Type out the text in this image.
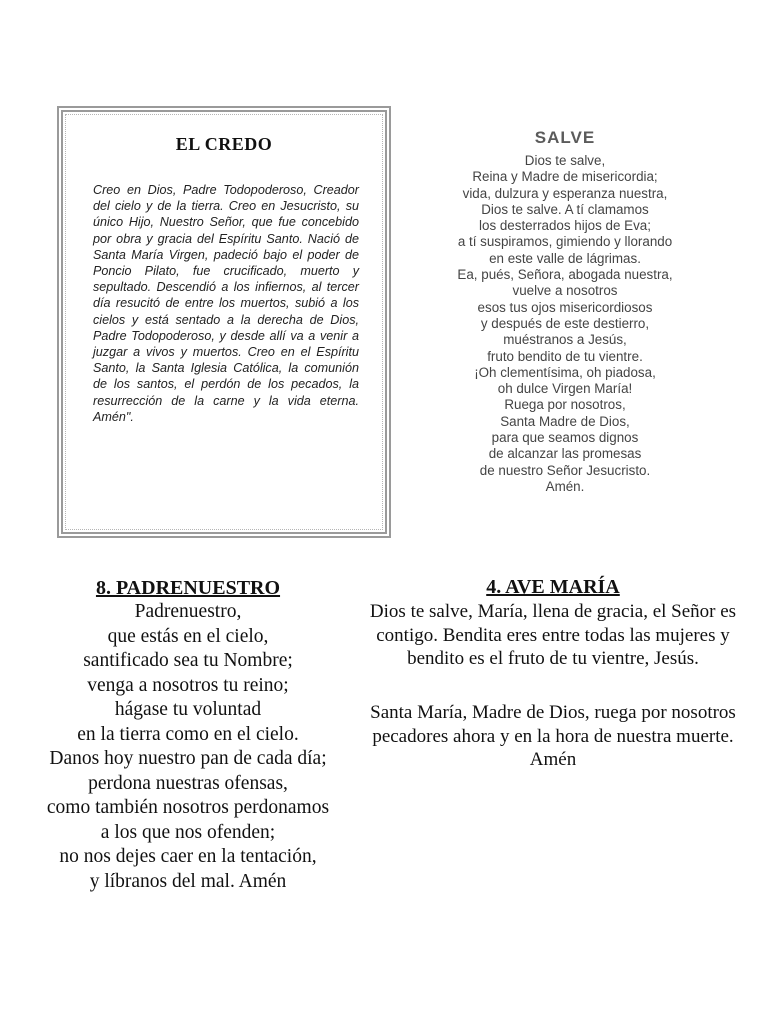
EL CREDO
Creo en Dios, Padre Todopoderoso, Creador del cielo y de la tierra. Creo en Jesucristo, su único Hijo, Nuestro Señor, que fue concebido por obra y gracia del Espíritu Santo. Nació de Santa María Virgen, padeció bajo el poder de Poncio Pilato, fue crucificado, muerto y sepultado. Descendió a los infiernos, al tercer día resucitó de entre los muertos, subió a los cielos y está sentado a la derecha de Dios, Padre Todopoderoso, y desde allí va a venir a juzgar a vivos y muertos. Creo en el Espíritu Santo, la Santa Iglesia Católica, la comunión de los santos, el perdón de los pecados, la resurrección de la carne y la vida eterna. Amén".
SALVE
Dios te salve,
Reina y Madre de misericordia;
vida, dulzura y esperanza nuestra,
Dios te salve. A tí clamamos
los desterrados hijos de Eva;
a tí suspiramos, gimiendo y llorando
en este valle de lágrimas.
Ea, pués, Señora, abogada nuestra,
vuelve a nosotros
esos tus ojos misericordiosos
y después de este destierro,
muéstranos a Jesús,
fruto bendito de tu vientre.
¡Oh clementísima, oh piadosa,
oh dulce Virgen María!
Ruega por nosotros,
Santa Madre de Dios,
para que seamos dignos
de alcanzar las promesas
de nuestro Señor Jesucristo.
Amén.
8. PADRENUESTRO
Padrenuestro,
que estás en el cielo,
santificado sea tu Nombre;
venga a nosotros tu reino;
hágase tu voluntad
en la tierra como en el cielo.
Danos hoy nuestro pan de cada día;
perdona nuestras ofensas,
como también nosotros perdonamos
a los que nos ofenden;
no nos dejes caer en la tentación,
y líbranos del mal. Amén
4. AVE MARÍA
Dios te salve, María, llena de gracia, el Señor es contigo. Bendita eres entre todas las mujeres y bendito es el fruto de tu vientre, Jesús.
Santa María, Madre de Dios, ruega por nosotros pecadores ahora y en la hora de nuestra muerte. Amén
